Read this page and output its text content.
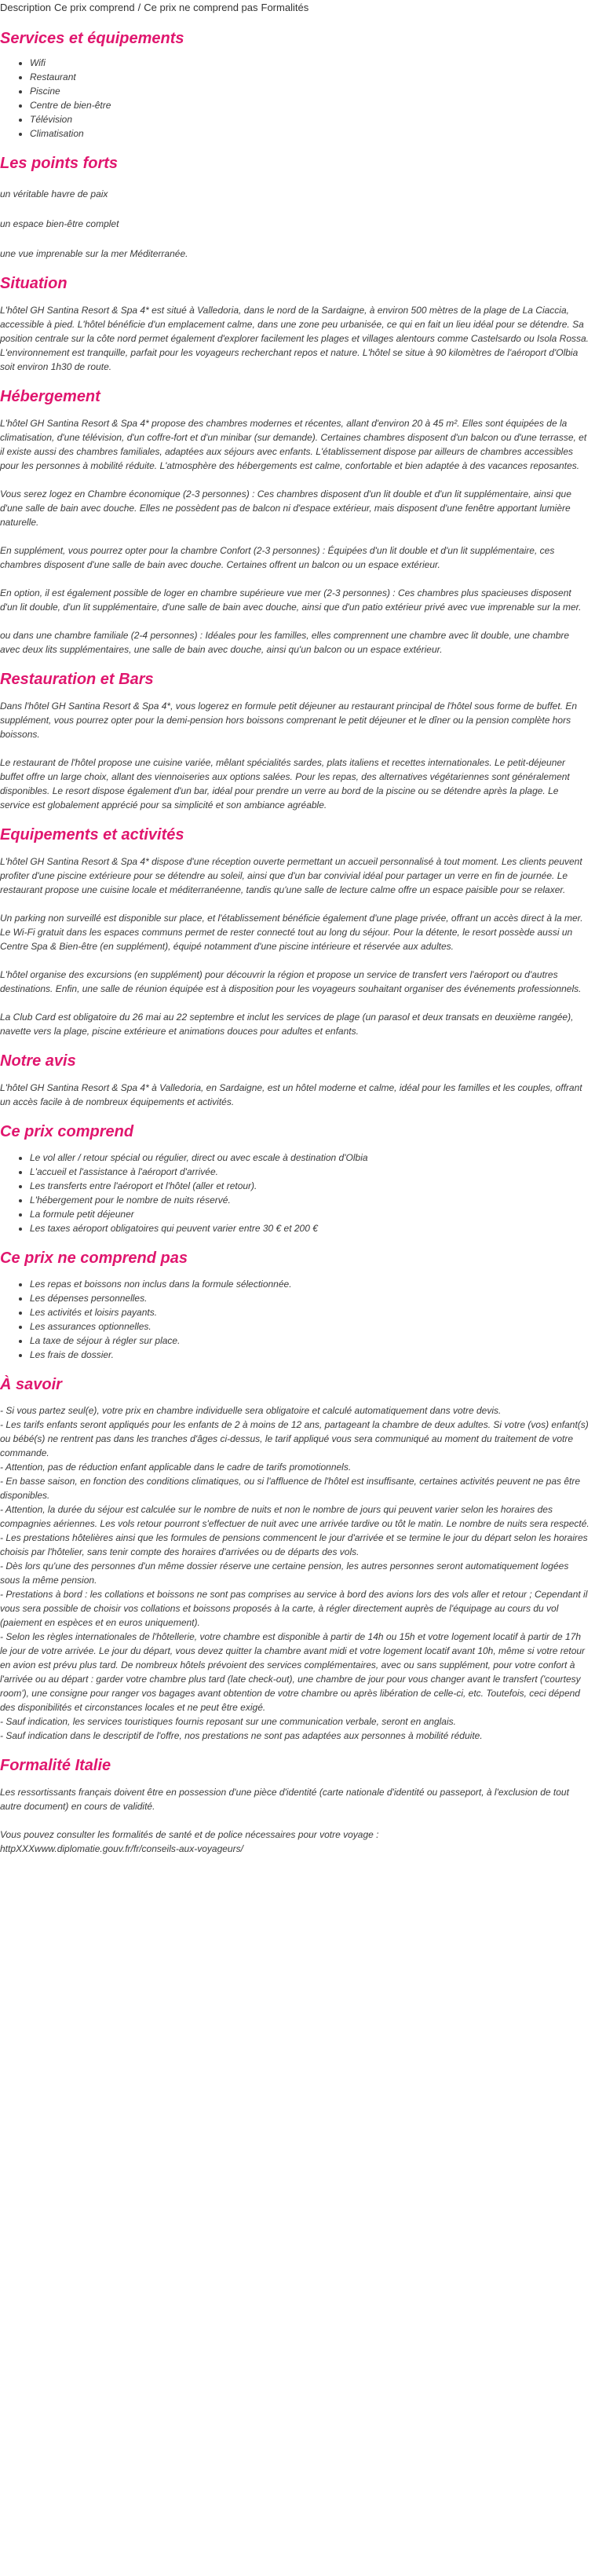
Description Ce prix comprend / Ce prix ne comprend pas Formalités
Services et équipements
• Wifi
• Restaurant
• Piscine
• Centre de bien-être
• Télévision
• Climatisation
Les points forts

un véritable havre de paix

un espace bien-être complet

une vue imprenable sur la mer Méditerranée.

Situation

L'hôtel GH Santina Resort & Spa 4* est situé à Valledoria, dans le nord de la Sardaigne, à environ 500 mètres de la plage de La Ciaccia, accessible à pied. L'hôtel bénéficie d'un emplacement calme, dans une zone peu urbanisée, ce qui en fait un lieu idéal pour se détendre. Sa position centrale sur la côte nord permet également d'explorer facilement les plages et villages alentours comme Castelsardo ou Isola Rossa. L'environnement est tranquille, parfait pour les voyageurs recherchant repos et nature. L'hôtel se situe à 90 kilomètres de l'aéroport d'Olbia soit environ 1h30 de route.

Hébergement

L'hôtel GH Santina Resort & Spa 4* propose des chambres modernes et récentes, allant d'environ 20 à 45 m². Elles sont équipées de la climatisation, d'une télévision, d'un coffre-fort et d'un minibar (sur demande). Certaines chambres disposent d'un balcon ou d'une terrasse, et il existe aussi des chambres familiales, adaptées aux séjours avec enfants. L'établissement dispose par ailleurs de chambres accessibles pour les personnes à mobilité réduite. L'atmosphère des hébergements est calme, confortable et bien adaptée à des vacances reposantes.

Vous serez logez en Chambre économique (2-3 personnes) : Ces chambres disposent d'un lit double et d'un lit supplémentaire, ainsi que d'une salle de bain avec douche. Elles ne possèdent pas de balcon ni d'espace extérieur, mais disposent d'une fenêtre apportant lumière naturelle.

En supplément, vous pourrez opter pour la chambre Confort (2-3 personnes) : Équipées d'un lit double et d'un lit supplémentaire, ces chambres disposent d'une salle de bain avec douche. Certaines offrent un balcon ou un espace extérieur.

En option, il est également possible de loger en chambre supérieure vue mer (2-3 personnes) : Ces chambres plus spacieuses disposent d'un lit double, d'un lit supplémentaire, d'une salle de bain avec douche, ainsi que d'un patio extérieur privé avec vue imprenable sur la mer.

ou dans une chambre familiale (2-4 personnes) : Idéales pour les familles, elles comprennent une chambre avec lit double, une chambre avec deux lits supplémentaires, une salle de bain avec douche, ainsi qu'un balcon ou un espace extérieur.

Restauration et Bars

Dans l'hôtel GH Santina Resort & Spa 4*, vous logerez en formule petit déjeuner au restaurant principal de l'hôtel sous forme de buffet. En supplément, vous pourrez opter pour la demi-pension hors boissons comprenant le petit déjeuner et le dîner ou la pension complète hors boissons.

Le restaurant de l'hôtel propose une cuisine variée, mêlant spécialités sardes, plats italiens et recettes internationales. Le petit-déjeuner buffet offre un large choix, allant des viennoiseries aux options salées. Pour les repas, des alternatives végétariennes sont généralement disponibles. Le resort dispose également d'un bar, idéal pour prendre un verre au bord de la piscine ou se détendre après la plage. Le service est globalement apprécié pour sa simplicité et son ambiance agréable.

Equipements et activités

L'hôtel GH Santina Resort & Spa 4* dispose d'une réception ouverte permettant un accueil personnalisé à tout moment. Les clients peuvent profiter d'une piscine extérieure pour se détendre au soleil, ainsi que d'un bar convivial idéal pour partager un verre en fin de journée. Le restaurant propose une cuisine locale et méditerranéenne, tandis qu'une salle de lecture calme offre un espace paisible pour se relaxer.

Un parking non surveillé est disponible sur place, et l'établissement bénéficie également d'une plage privée, offrant un accès direct à la mer. Le Wi-Fi gratuit dans les espaces communs permet de rester connecté tout au long du séjour. Pour la détente, le resort possède aussi un Centre Spa & Bien-être (en supplément), équipé notamment d'une piscine intérieure et réservée aux adultes.

L'hôtel organise des excursions (en supplément) pour découvrir la région et propose un service de transfert vers l'aéroport ou d'autres destinations. Enfin, une salle de réunion équipée est à disposition pour les voyageurs souhaitant organiser des événements professionnels.

La Club Card est obligatoire du 26 mai au 22 septembre et inclut les services de plage (un parasol et deux transats en deuxième rangée), navette vers la plage, piscine extérieure et animations douces pour adultes et enfants.

Notre avis

L'hôtel GH Santina Resort & Spa 4* à Valledoria, en Sardaigne, est un hôtel moderne et calme, idéal pour les familles et les couples, offrant un accès facile à de nombreux équipements et activités.

Ce prix comprend
• Le vol aller / retour spécial ou régulier, direct ou avec escale à destination d'Olbia
• L'accueil et l'assistance à l'aéroport d'arrivée.
• Les transferts entre l'aéroport et l'hôtel (aller et retour).
• L'hébergement pour le nombre de nuits réservé.
• La formule petit déjeuner
• Les taxes aéroport obligatoires qui peuvent varier entre 30 € et 200 €
Ce prix ne comprend pas
• Les repas et boissons non inclus dans la formule sélectionnée.
• Les dépenses personnelles.
• Les activités et loisirs payants.
• Les assurances optionnelles.
• La taxe de séjour à régler sur place.
• Les frais de dossier.
À savoir

- Si vous partez seul(e), votre prix en chambre individuelle sera obligatoire et calculé automatiquement dans votre devis.

- Les tarifs enfants seront appliqués pour les enfants de 2 à moins de 12 ans, partageant la chambre de deux adultes. Si votre (vos) enfant(s) ou bébé(s) ne rentrent pas dans les tranches d'âges ci-dessus, le tarif appliqué vous sera communiqué au moment du traitement de votre commande.

- Attention, pas de réduction enfant applicable dans le cadre de tarifs promotionnels.

- En basse saison, en fonction des conditions climatiques, ou si l'affluence de l'hôtel est insuffisante, certaines activités peuvent ne pas être disponibles.

- Attention, la durée du séjour est calculée sur le nombre de nuits et non le nombre de jours qui peuvent varier selon les horaires des compagnies aériennes. Les vols retour pourront s'effectuer de nuit avec une arrivée tardive ou tôt le matin. Le nombre de nuits sera respecté.

- Les prestations hôtelières ainsi que les formules de pensions commencent le jour d'arrivée et se termine le jour du départ selon les horaires choisis par l'hôtelier, sans tenir compte des horaires d'arrivées ou de départs des vols.

- Dès lors qu'une des personnes d'un même dossier réserve une certaine pension, les autres personnes seront automatiquement logées sous la même pension.

- Prestations à bord : les collations et boissons ne sont pas comprises au service à bord des avions lors des vols aller et retour ; Cependant il vous sera possible de choisir vos collations et boissons proposés à la carte, à régler directement auprès de l'équipage au cours du vol (paiement en espèces et en euros uniquement).

- Selon les règles internationales de l'hôtellerie, votre chambre est disponible à partir de 14h ou 15h et votre logement locatif à partir de 17h le jour de votre arrivée. Le jour du départ, vous devez quitter la chambre avant midi et votre logement locatif avant 10h, même si votre retour en avion est prévu plus tard. De nombreux hôtels prévoient des services complémentaires, avec ou sans supplément, pour votre confort à l'arrivée ou au départ : garder votre chambre plus tard (late check-out), une chambre de jour pour vous changer avant le transfert ('courtesy room'), une consigne pour ranger vos bagages avant obtention de votre chambre ou après libération de celle-ci, etc. Toutefois, ceci dépend des disponibilités et circonstances locales et ne peut être exigé.

- Sauf indication, les services touristiques fournis reposant sur une communication verbale, seront en anglais.

- Sauf indication dans le descriptif de l'offre, nos prestations ne sont pas adaptées aux personnes à mobilité réduite.

Formalité Italie

Les ressortissants français doivent être en possession d'une pièce d'identité (carte nationale d'identité ou passeport, à l'exclusion de tout autre document) en cours de validité.

Vous pouvez consulter les formalités de santé et de police nécessaires pour votre voyage :

httpXXXwww.diplomatie.gouv.fr/fr/conseils-aux-voyageurs/
